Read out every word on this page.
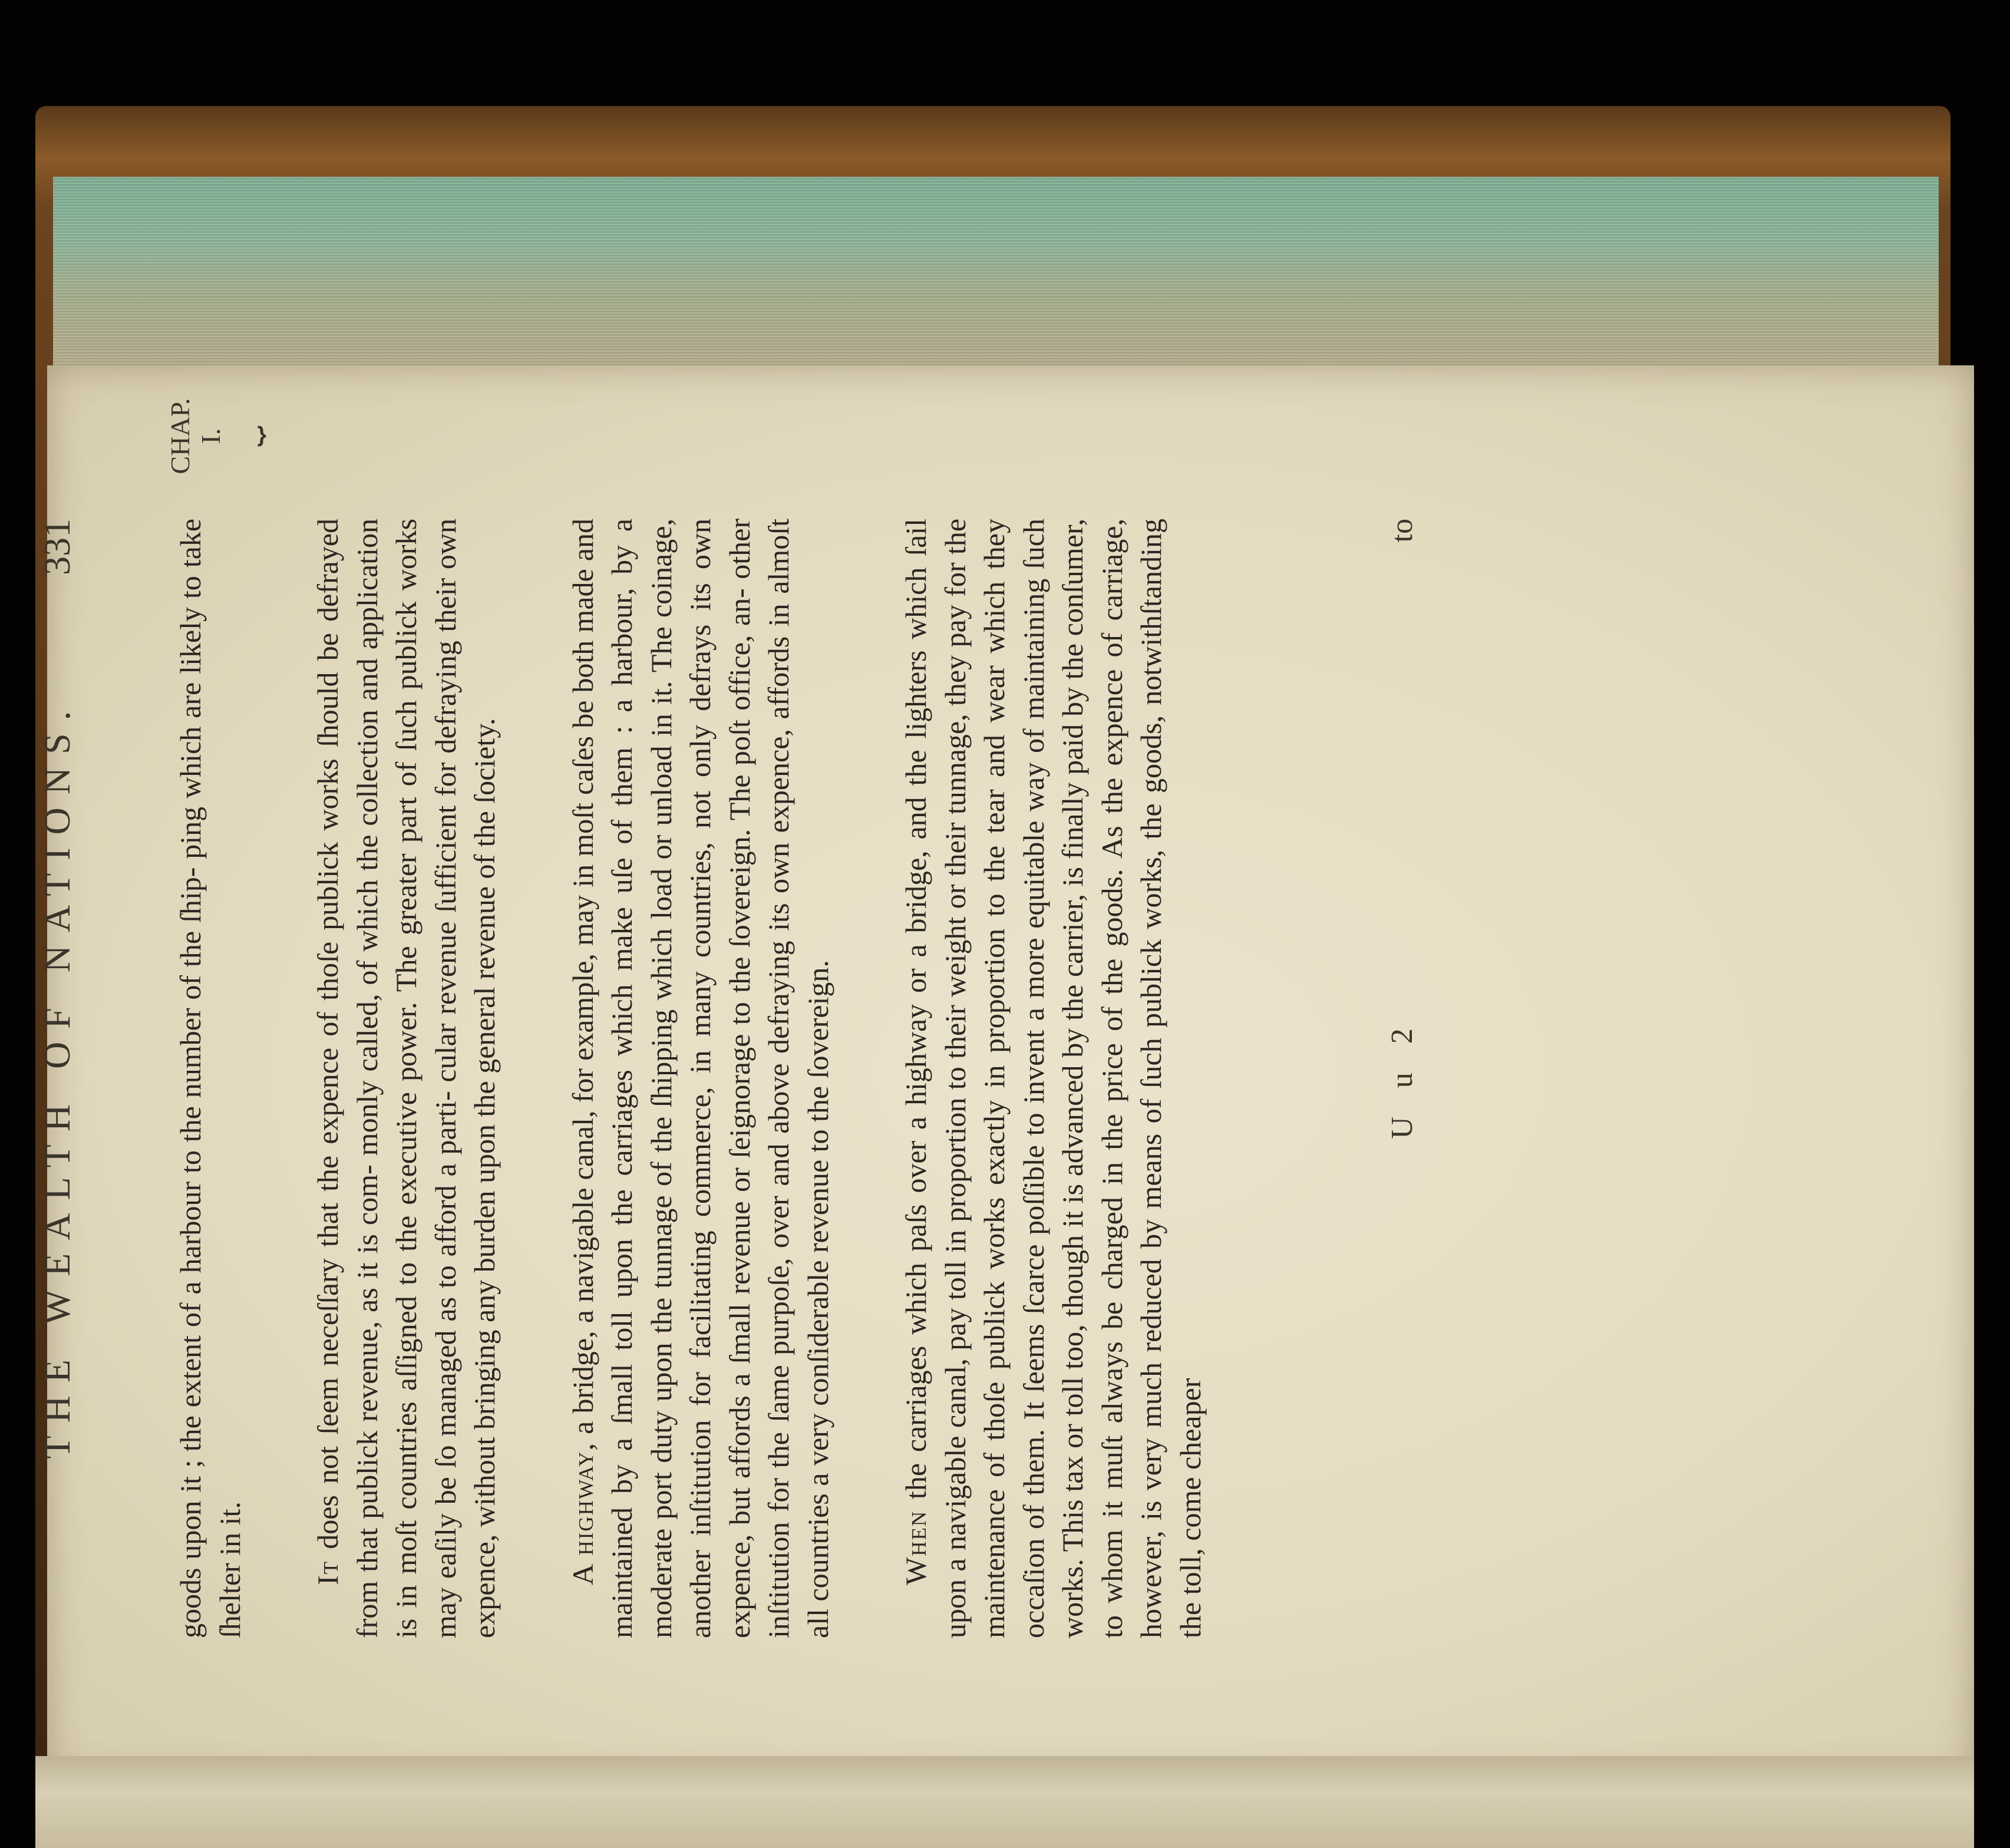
THE WEALTH OF NATIONS.
331
CHAP.
I.
⏟

goods upon it ; the extent of a harbour to the number of the ſhip- ping which are likely to take ſhelter in it. It does not ſeem neceſſary that the expence of thoſe publick works ſhould be defrayed from that publick revenue, as it is com- monly called, of which the collection and application is in moſt countries aſſigned to the executive power. The greater part of ſuch publick works may eaſily be ſo managed as to afford a parti- cular revenue ſufficient for defraying their own expence, without bringing any burden upon the general revenue of the ſociety. A highway, a bridge, a navigable canal, for example, may in moſt caſes be both made and maintained by a ſmall toll upon the carriages which make uſe of them : a harbour, by a moderate port duty upon the tunnage of the ſhipping which load or unload in it. The coinage, another inſtitution for facilitating commerce, in many countries, not only defrays its own expence, but affords a ſmall revenue or ſeignorage to the ſovereign. The poſt office, an- other inſtitution for the ſame purpoſe, over and above defraying its own expence, affords in almoſt all countries a very conſiderable revenue to the ſovereign. When the carriages which paſs over a highway or a bridge, and the lighters which ſail upon a navigable canal, pay toll in proportion to their weight or their tunnage, they pay for the maintenance of thoſe publick works exactly in proportion to the tear and wear which they occaſion of them. It ſeems ſcarce poſſible to invent a more equitable way of maintaining ſuch works. This tax or toll too, though it is advanced by the carrier, is finally paid by the conſumer, to whom it muſt always be charged in the price of the goods. As the expence of carriage, however, is very much reduced by means of ſuch publick works, the goods, notwithſtanding the toll, come cheaper

U u 2
to
